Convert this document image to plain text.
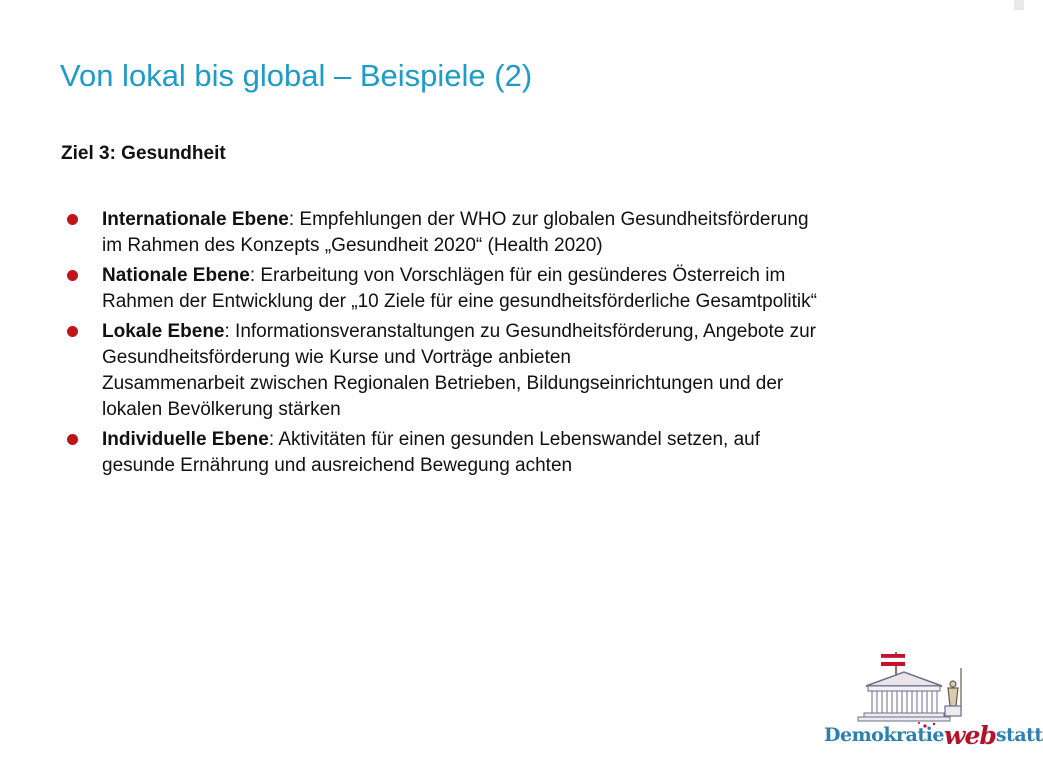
Von lokal bis global – Beispiele (2)

Ziel 3: Gesundheit

Internationale Ebene: Empfehlungen der WHO zur globalen Gesundheitsförderung
im Rahmen des Konzepts „Gesundheit 2020“ (Health 2020)
Nationale Ebene: Erarbeitung von Vorschlägen für ein gesünderes Österreich im
Rahmen der Entwicklung der „10 Ziele für eine gesundheitsförderliche Gesamtpolitik“
Lokale Ebene: Informationsveranstaltungen zu Gesundheitsförderung, Angebote zur
Gesundheitsförderung wie Kurse und Vorträge anbieten
Zusammenarbeit zwischen Regionalen Betrieben, Bildungseinrichtungen und der
lokalen Bevölkerung stärken
Individuelle Ebene: Aktivitäten für einen gesunden Lebenswandel setzen, auf
gesunde Ernährung und ausreichend Bewegung achten
Demokratiewebstatt
